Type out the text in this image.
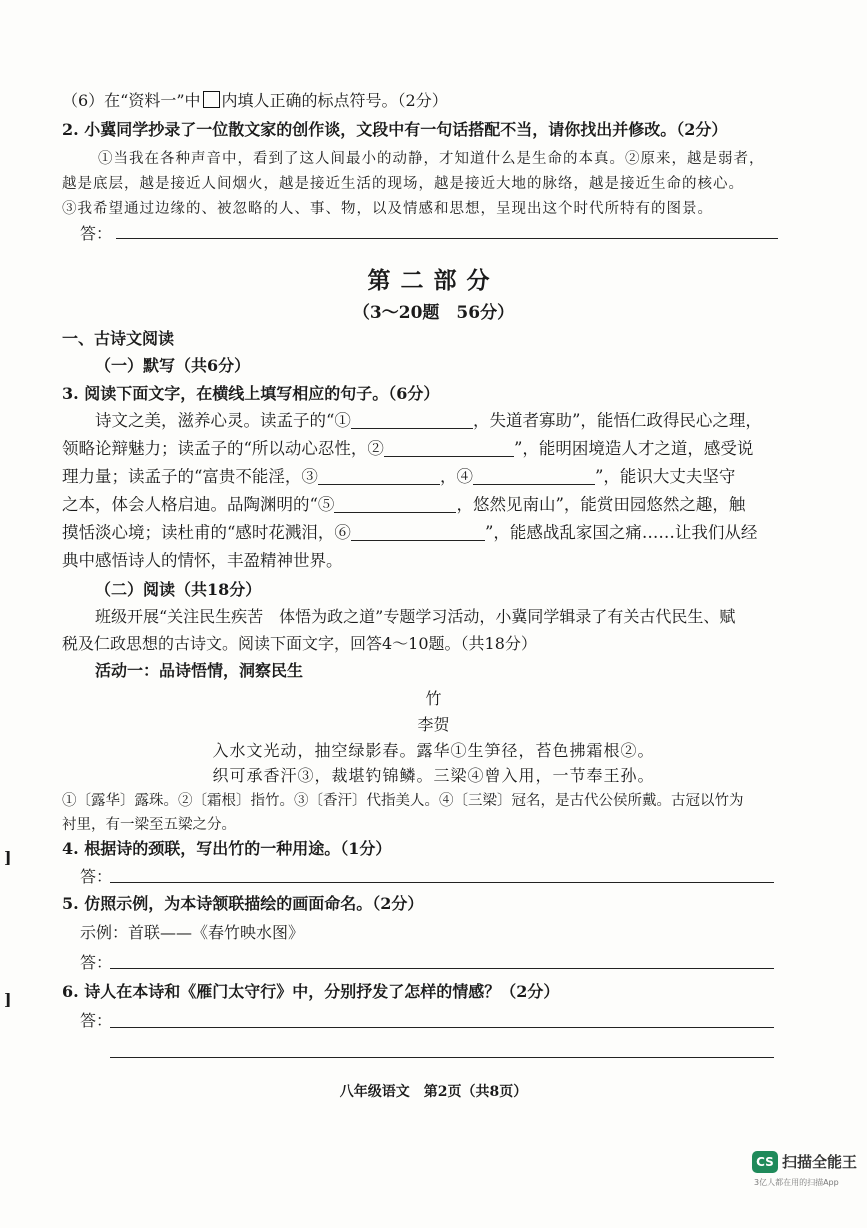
（6）在“资料一”中 内填人正确的标点符号。（2分）
2. 小冀同学抄录了一位散文家的创作谈，文段中有一句话搭配不当，请你找出并修改。（2分）
①当我在各种声音中，看到了这人间最小的动静，才知道什么是生命的本真。②原来，越是弱者，
越是底层，越是接近人间烟火，越是接近生活的现场，越是接近大地的脉络，越是接近生命的核心。
③我希望通过边缘的、被忽略的人、事、物，以及情感和思想，呈现出这个时代所特有的图景。
答：
第二部分
（3～20题　56分）
一、古诗文阅读
（一）默写（共6分）
3. 阅读下面文字，在横线上填写相应的句子。（6分）
诗文之美，滋养心灵。读孟子的“①	，失道者寡助”，能悟仁政得民心之理，
领略论辩魅力；读孟子的“所以动心忍性，②	”，能明困境造人才之道，感受说
理力量；读孟子的“富贵不能淫，③	，④	”，能识大丈夫坚守
之本，体会人格启迪。品陶渊明的“⑤	，悠然见南山”，能赏田园悠然之趣，触
摸恬淡心境；读杜甫的“感时花溅泪，⑥	”，能感战乱家国之痛……让我们从经
典中感悟诗人的情怀，丰盈精神世界。
（二）阅读（共18分）
班级开展“关注民生疾苦　体悟为政之道”专题学习活动，小冀同学辑录了有关古代民生、赋
税及仁政思想的古诗文。阅读下面文字，回答4～10题。（共18分）
活动一：品诗悟情，洞察民生
竹
李贺
入水文光动，抽空绿影春。露华①生笋径，苔色拂霜根②。
织可承香汗③，裁堪钓锦鳞。三梁④曾入用，一节奉王孙。
①〔露华〕露珠。②〔霜根〕指竹。③〔香汗〕代指美人。④〔三梁〕冠名，是古代公侯所戴。古冠以竹为
衬里，有一梁至五梁之分。
]	4. 根据诗的颈联，写出竹的一种用途。（1分）
答：
5. 仿照示例，为本诗颔联描绘的画面命名。（2分）
示例：首联——《春竹映水图》
答：
]	6. 诗人在本诗和《雁门太守行》中，分别抒发了怎样的情感？（2分）
答：
八年级语文　第2页（共8页）
CS 扫描全能王
3亿人都在用的扫描App
